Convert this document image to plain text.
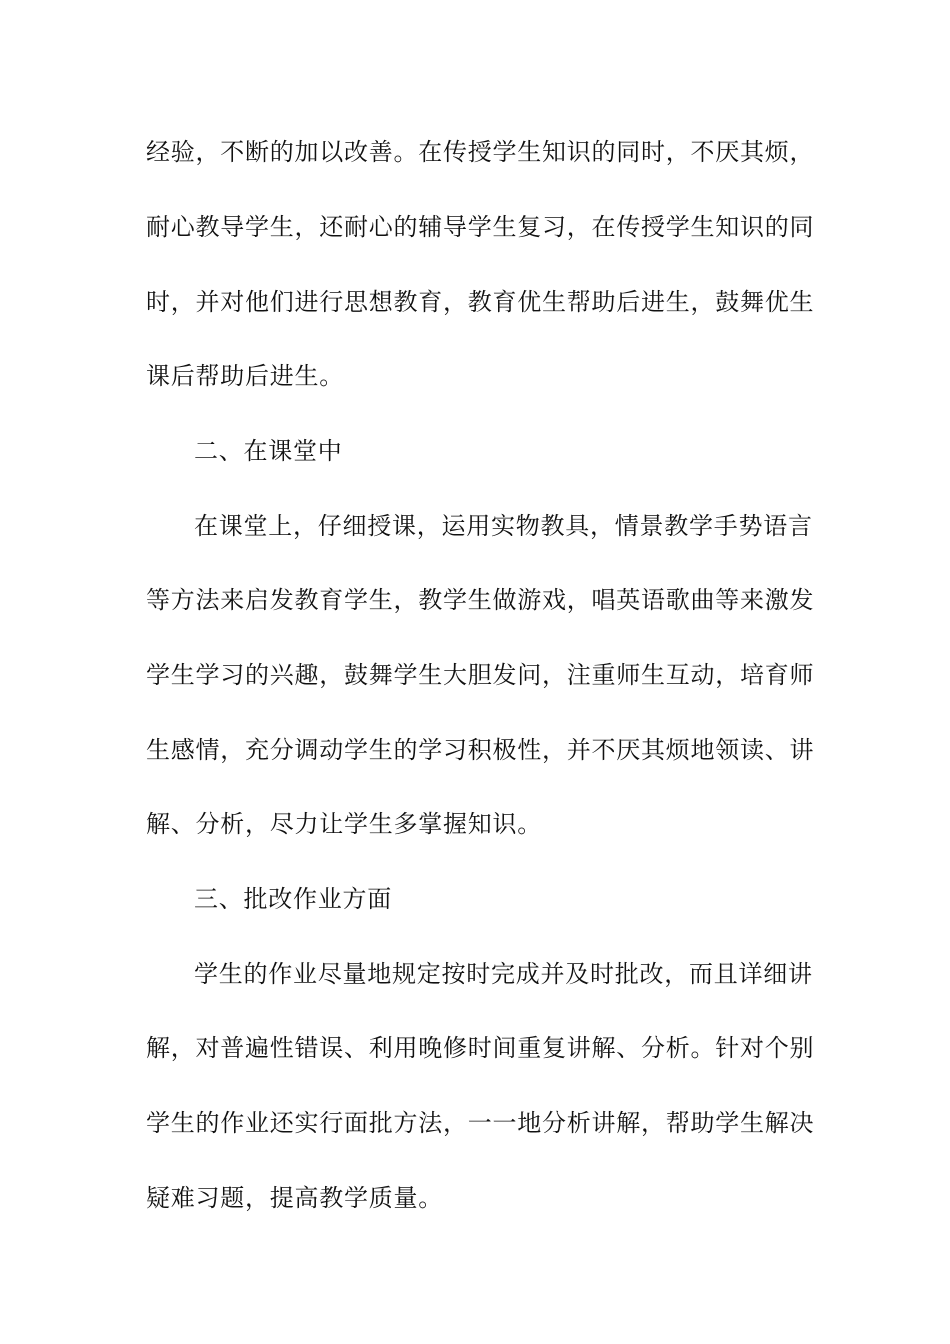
经验，不断的加以改善。在传授学生知识的同时，不厌其烦，
耐心教导学生，还耐心的辅导学生复习，在传授学生知识的同
时，并对他们进行思想教育，教育优生帮助后进生，鼓舞优生
课后帮助后进生。
二、在课堂中
在课堂上，仔细授课，运用实物教具，情景教学手势语言
等方法来启发教育学生，教学生做游戏，唱英语歌曲等来激发
学生学习的兴趣，鼓舞学生大胆发问，注重师生互动，培育师
生感情，充分调动学生的学习积极性，并不厌其烦地领读、讲
解、分析，尽力让学生多掌握知识。
三、批改作业方面
学生的作业尽量地规定按时完成并及时批改，而且详细讲
解，对普遍性错误、利用晚修时间重复讲解、分析。针对个别
学生的作业还实行面批方法，一一地分析讲解，帮助学生解决
疑难习题，提高教学质量。
